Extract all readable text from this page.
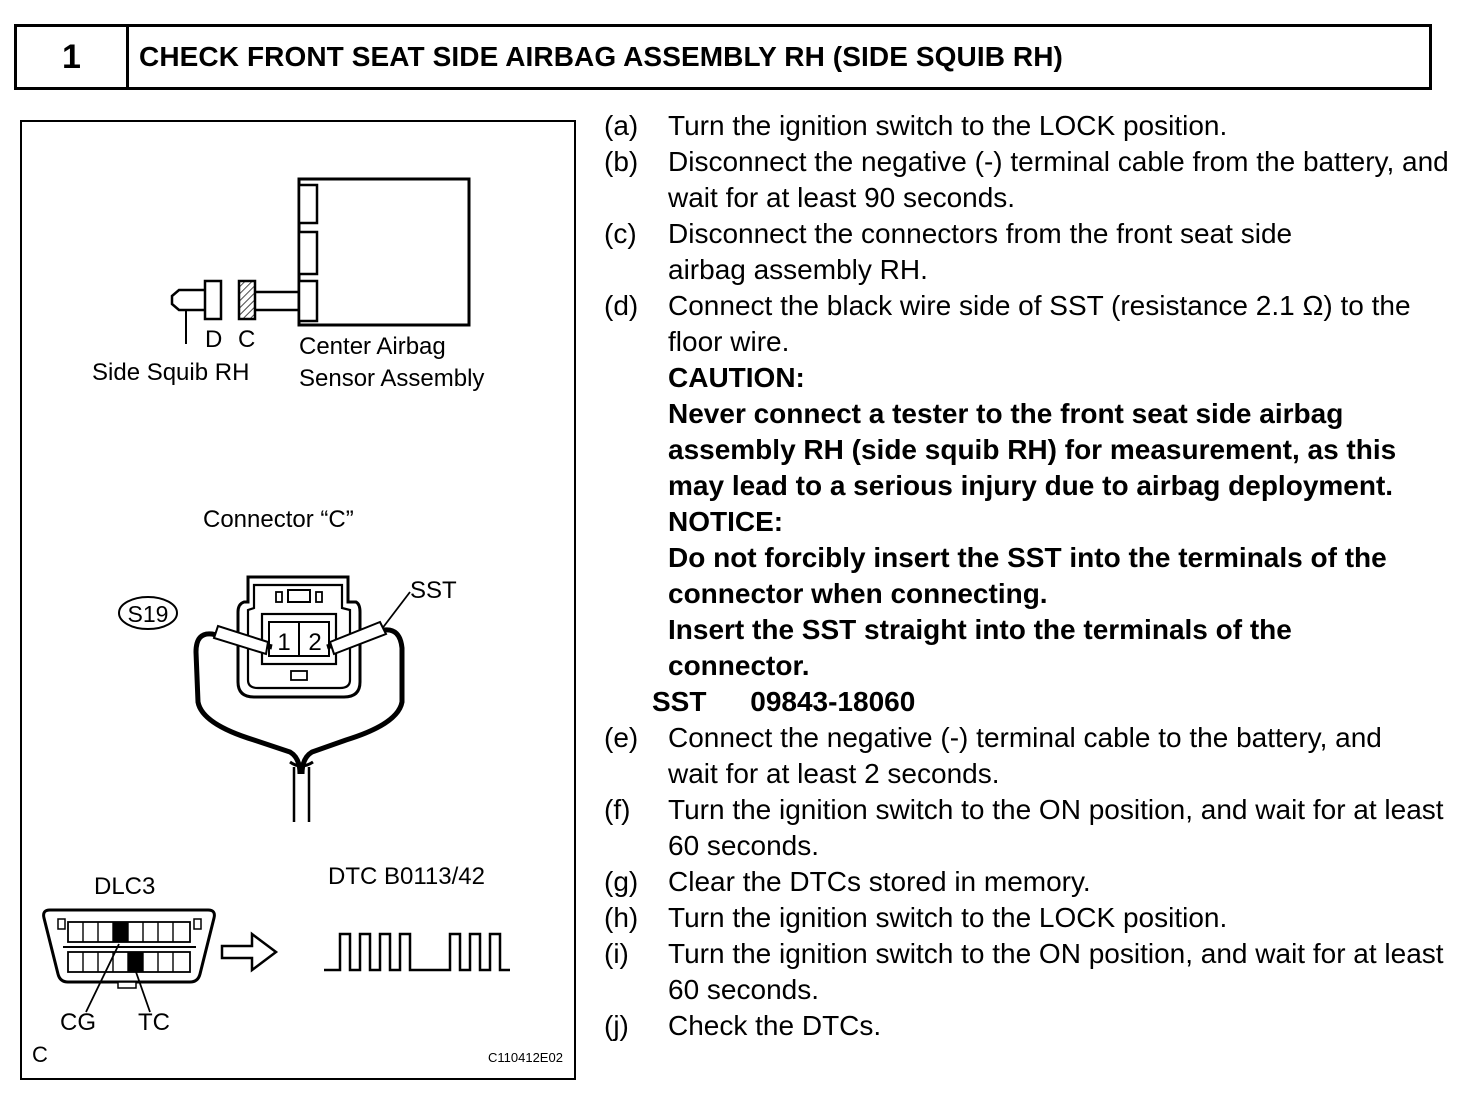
1	CHECK FRONT SEAT SIDE AIRBAG ASSEMBLY RH (SIDE SQUIB RH)
D C
Side Squib RH
Center Airbag
Sensor Assembly
Connector “C”
S19
SST
1 2
DLC3
CG TC
DTC B0113/42
C	C110412E02
(a)	Turn the ignition switch to the LOCK position.
(b)	Disconnect the negative (-) terminal cable from the battery, and wait for at least 90 seconds.
(c)	Disconnect the connectors from the front seat side airbag assembly RH.
(d)	Connect the black wire side of SST (resistance 2.1 Ω) to the floor wire.
CAUTION:
Never connect a tester to the front seat side airbag assembly RH (side squib RH) for measurement, as this may lead to a serious injury due to airbag deployment.
NOTICE:
Do not forcibly insert the SST into the terminals of the connector when connecting.
Insert the SST straight into the terminals of the connector.
SST 09843-18060
(e)	Connect the negative (-) terminal cable to the battery, and wait for at least 2 seconds.
(f)	Turn the ignition switch to the ON position, and wait for at least 60 seconds.
(g)	Clear the DTCs stored in memory.
(h)	Turn the ignition switch to the LOCK position.
(i)	Turn the ignition switch to the ON position, and wait for at least 60 seconds.
(j)	Check the DTCs.
